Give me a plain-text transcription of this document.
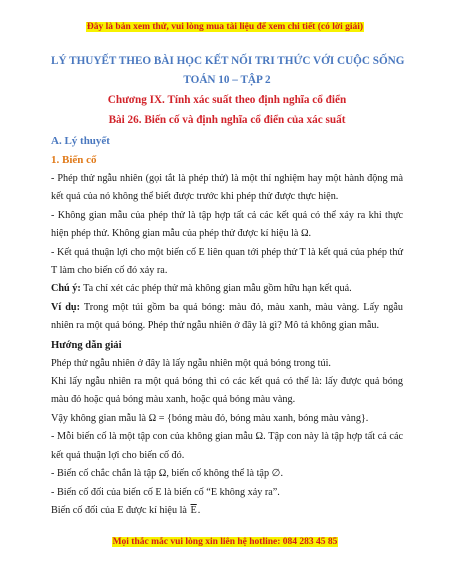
Đây là bản xem thử, vui lòng mua tài liệu để xem chi tiết (có lời giải)
LÝ THUYẾT THEO BÀI HỌC KẾT NỐI TRI THỨC VỚI CUỘC SỐNG
TOÁN 10 – TẬP 2
Chương IX. Tính xác suất theo định nghĩa cổ điển
Bài 26. Biến cố và định nghĩa cổ điển của xác suất
A. Lý thuyết
1. Biến cố

- Phép thử ngẫu nhiên (gọi tắt là phép thử) là một thí nghiệm hay một hành động mà kết quả của nó không thể biết được trước khi phép thử được thực hiện.

- Không gian mẫu của phép thử là tập hợp tất cả các kết quả có thể xảy ra khi thực hiện phép thử. Không gian mẫu của phép thử được kí hiệu là Ω.

- Kết quả thuận lợi cho một biến cố E liên quan tới phép thử T là kết quả của phép thử T làm cho biến cố đó xảy ra.

Chú ý: Ta chỉ xét các phép thử mà không gian mẫu gồm hữu hạn kết quả.

Ví dụ: Trong một túi gồm ba quả bóng: màu đỏ, màu xanh, màu vàng. Lấy ngẫu nhiên ra một quả bóng. Phép thử ngẫu nhiên ở đây là gì? Mô tả không gian mẫu.

Hướng dẫn giải

Phép thử ngẫu nhiên ở đây là lấy ngẫu nhiên một quả bóng trong túi.

Khi lấy ngẫu nhiên ra một quả bóng thì có các kết quả có thể là: lấy được quả bóng màu đỏ hoặc quả bóng màu xanh, hoặc quả bóng màu vàng.

Vậy không gian mẫu là Ω = {bóng màu đỏ, bóng màu xanh, bóng màu vàng}.

- Mỗi biến cố là một tập con của không gian mẫu Ω. Tập con này là tập hợp tất cả các kết quả thuận lợi cho biến cố đó.

- Biến cố chắc chắn là tập Ω, biến cố không thể là tập ∅.

- Biến cố đối của biến cố E là biến cố “E không xảy ra”.

Biến cố đối của E được kí hiệu là $\overline{E}$.

Mọi thắc mắc vui lòng xin liên hệ hotline: 084 283 45 85
